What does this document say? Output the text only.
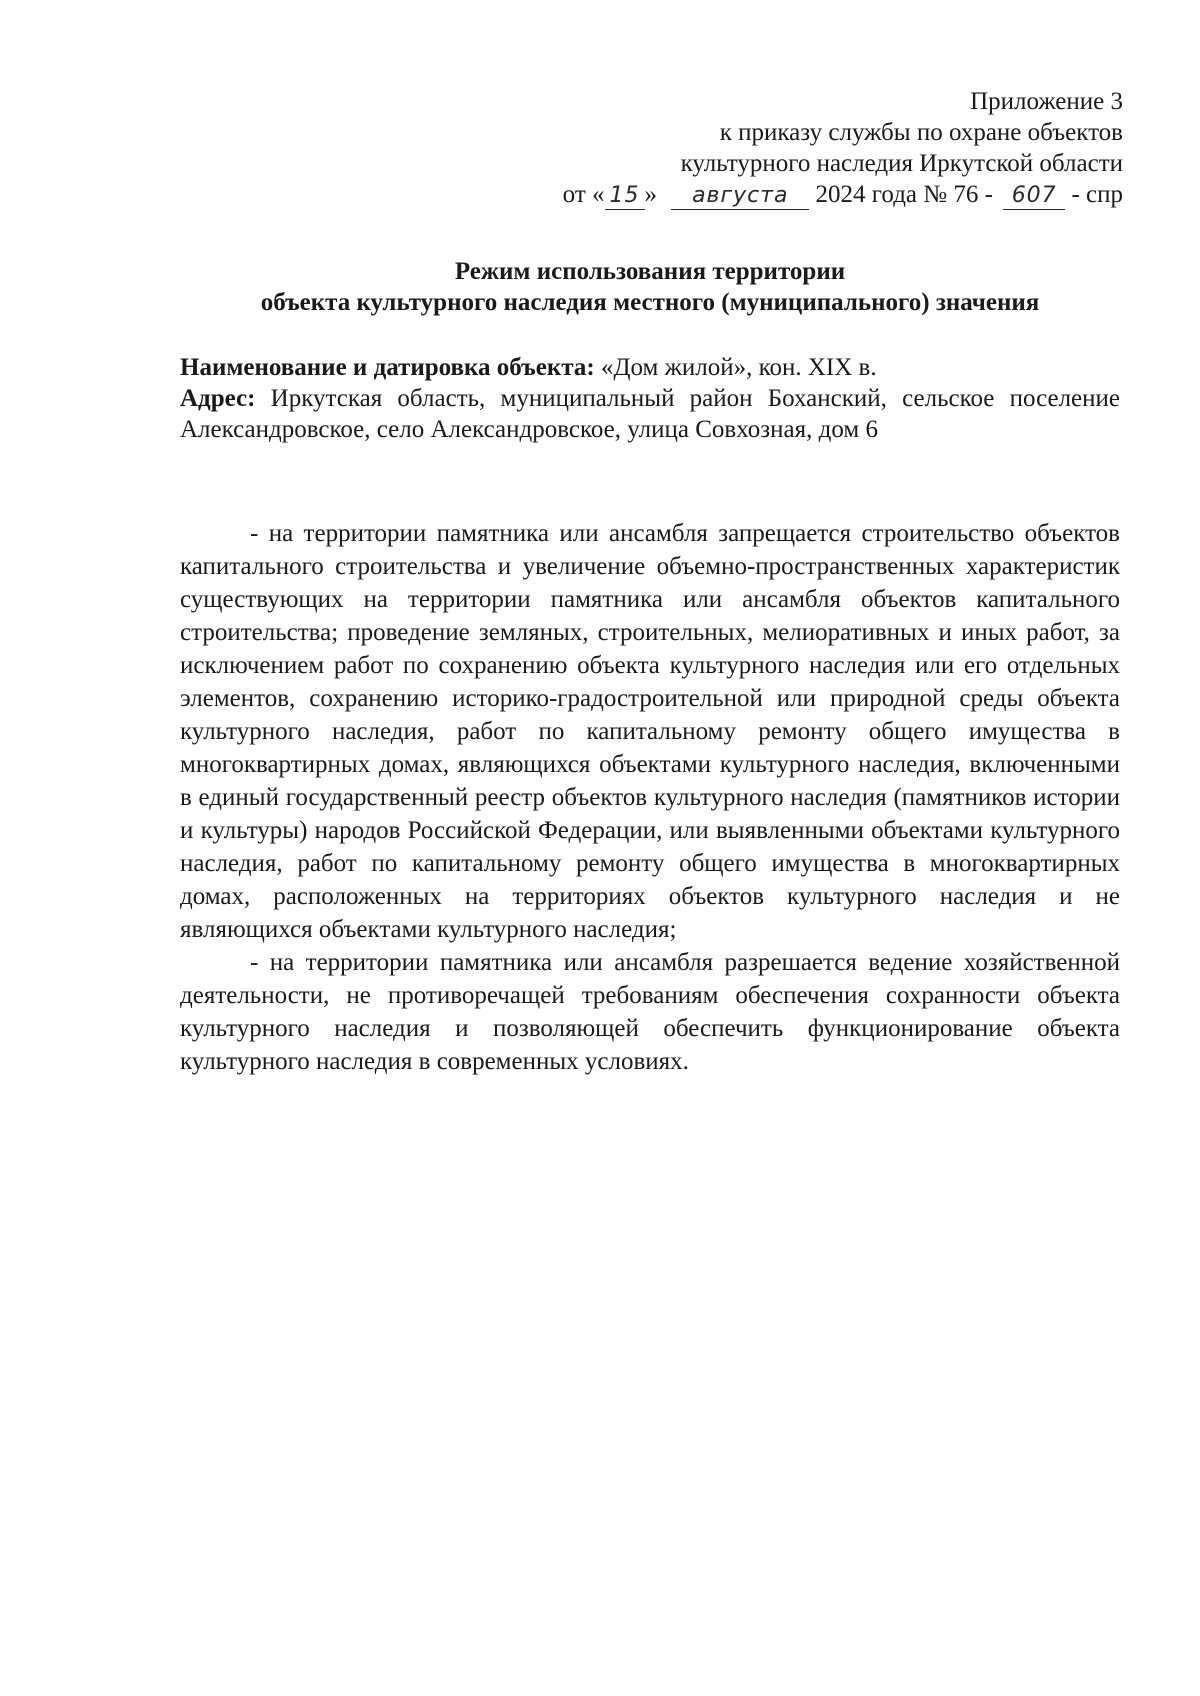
Приложение 3
к приказу службы по охране объектов
культурного наследия Иркутской области
от « 15 » августа 2024 года № 76 - 607 - спр
Режим использования территории
объекта культурного наследия местного (муниципального) значения

Наименование и датировка объекта: «Дом жилой», кон. XIX в.

Адрес: Иркутская область, муниципальный район Боханский, сельское поселение Александровское, село Александровское, улица Совхозная, дом 6

- на территории памятника или ансамбля запрещается строительство объектов капитального строительства и увеличение объемно-пространственных характеристик существующих на территории памятника или ансамбля объектов капитального строительства; проведение земляных, строительных, мелиоративных и иных работ, за исключением работ по сохранению объекта культурного наследия или его отдельных элементов, сохранению историко-градостроительной или природной среды объекта культурного наследия, работ по капитальному ремонту общего имущества в многоквартирных домах, являющихся объектами культурного наследия, включенными в единый государственный реестр объектов культурного наследия (памятников истории и культуры) народов Российской Федерации, или выявленными объектами культурного наследия, работ по капитальному ремонту общего имущества в многоквартирных домах, расположенных на территориях объектов культурного наследия и не являющихся объектами культурного наследия;

- на территории памятника или ансамбля разрешается ведение хозяйственной деятельности, не противоречащей требованиям обеспечения сохранности объекта культурного наследия и позволяющей обеспечить функционирование объекта культурного наследия в современных условиях.
